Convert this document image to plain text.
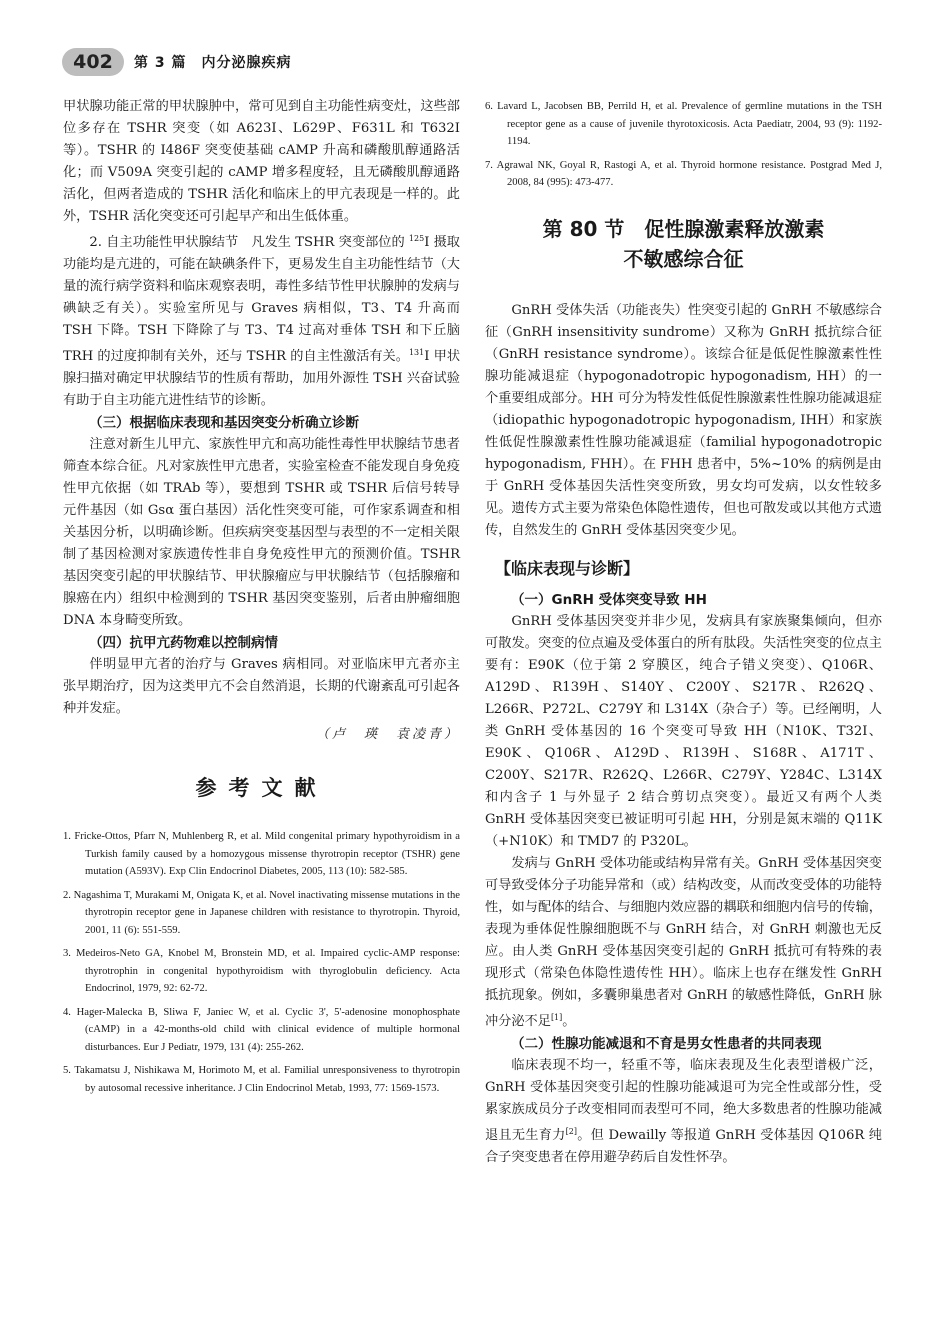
402	第 3 篇　内分泌腺疾病

甲状腺功能正常的甲状腺肿中，常可见到自主功能性病变灶，这些部位多存在 TSHR 突变（如 A623I、L629P、F631L 和 T632I 等）。TSHR 的 I486F 突变使基础 cAMP 升高和磷酸肌醇通路活化；而 V509A 突变引起的 cAMP 增多程度轻，且无磷酸肌醇通路活化，但两者造成的 TSHR 活化和临床上的甲亢表现是一样的。此外，TSHR 活化突变还可引起早产和出生低体重。

2. 自主功能性甲状腺结节　凡发生 TSHR 突变部位的 $^{125}$I 摄取功能均是亢进的，可能在缺碘条件下，更易发生自主功能性结节（大量的流行病学资料和临床观察表明，毒性多结节性甲状腺肿的发病与碘缺乏有关）。实验室所见与 Graves 病相似，T3、T4 升高而 TSH 下降。TSH 下降除了与 T3、T4 过高对垂体 TSH 和下丘脑 TRH 的过度抑制有关外，还与 TSHR 的自主性激活有关。$^{131}$I 甲状腺扫描对确定甲状腺结节的性质有帮助，加用外源性 TSH 兴奋试验有助于自主功能亢进性结节的诊断。

（三）根据临床表现和基因突变分析确立诊断

注意对新生儿甲亢、家族性甲亢和高功能性毒性甲状腺结节患者筛查本综合征。凡对家族性甲亢患者，实验室检查不能发现自身免疫性甲亢依据（如 TRAb 等），要想到 TSHR 或 TSHR 后信号转导元件基因（如 Gsα 蛋白基因）活化性突变可能，可作家系调查和相关基因分析，以明确诊断。但疾病突变基因型与表型的不一定相关限制了基因检测对家族遗传性非自身免疫性甲亢的预测价值。TSHR 基因突变引起的甲状腺结节、甲状腺瘤应与甲状腺结节（包括腺瘤和腺癌在内）组织中检测到的 TSHR 基因突变鉴别，后者由肿瘤细胞 DNA 本身畸变所致。

（四）抗甲亢药物难以控制病情

伴明显甲亢者的治疗与 Graves 病相同。对亚临床甲亢者亦主张早期治疗，因为这类甲亢不会自然消退，长期的代谢紊乱可引起各种并发症。

（卢　瑛　袁凌青）
参考文献
1. Fricke-Ottos, Pfarr N, Muhlenberg R, et al. Mild congenital primary hypothyroidism in a Turkish family caused by a homozygous missense thyrotropin receptor (TSHR) gene mutation (A593V). Exp Clin Endocrinol Diabetes, 2005, 113 (10): 582-585.
2. Nagashima T, Murakami M, Onigata K, et al. Novel inactivating missense mutations in the thyrotropin receptor gene in Japanese children with resistance to thyrotropin. Thyroid, 2001, 11 (6): 551-559.
3. Medeiros-Neto GA, Knobel M, Bronstein MD, et al. Impaired cyclic-AMP response: thyrotrophin in congenital hypothyroidism with thyroglobulin deficiency. Acta Endocrinol, 1979, 92: 62-72.
4. Hager-Malecka B, Sliwa F, Janiec W, et al. Cyclic 3', 5'-adenosine monophosphate (cAMP) in a 42-months-old child with clinical evidence of multiple hormonal disturbances. Eur J Pediatr, 1979, 131 (4): 255-262.
5. Takamatsu J, Nishikawa M, Horimoto M, et al. Familial unresponsiveness to thyrotropin by autosomal recessive inheritance. J Clin Endocrinol Metab, 1993, 77: 1569-1573.
6. Lavard L, Jacobsen BB, Perrild H, et al. Prevalence of germline mutations in the TSH receptor gene as a cause of juvenile thyrotoxicosis. Acta Paediatr, 2004, 93 (9): 1192-1194.
7. Agrawal NK, Goyal R, Rastogi A, et al. Thyroid hormone resistance. Postgrad Med J, 2008, 84 (995): 473-477.
第 80 节　促性腺激素释放激素
不敏感综合征

GnRH 受体失活（功能丧失）性突变引起的 GnRH 不敏感综合征（GnRH insensitivity sundrome）又称为 GnRH 抵抗综合征（GnRH resistance syndrome）。该综合征是低促性腺激素性性腺功能减退症（hypogonadotropic hypogonadism, HH）的一个重要组成部分。HH 可分为特发性低促性腺激素性性腺功能减退症（idiopathic hypogonadotropic hypogonadism, IHH）和家族性低促性腺激素性性腺功能减退症（familial hypogonadotropic hypogonadism, FHH）。在 FHH 患者中，5%~10% 的病例是由于 GnRH 受体基因失活性突变所致，男女均可发病，以女性较多见。遗传方式主要为常染色体隐性遗传，但也可散发或以其他方式遗传，自然发生的 GnRH 受体基因突变少见。

【临床表现与诊断】
（一）GnRH 受体突变导致 HH

GnRH 受体基因突变并非少见，发病具有家族聚集倾向，但亦可散发。突变的位点遍及受体蛋白的所有肽段。失活性突变的位点主要有：E90K（位于第 2 穿膜区，纯合子错义突变）、Q106R、A129D、R139H、S140Y、C200Y、S217R、R262Q、L266R、P272L、C279Y 和 L314X（杂合子）等。已经阐明，人类 GnRH 受体基因的 16 个突变可导致 HH（N10K、T32I、E90K、Q106R、A129D、R139H、S168R、A171T、C200Y、S217R、R262Q、L266R、C279Y、Y284C、L314X 和内含子 1 与外显子 2 结合剪切点突变）。最近又有两个人类 GnRH 受体基因突变已被证明可引起 HH，分别是氮末端的 Q11K（+N10K）和 TMD7 的 P320L。

发病与 GnRH 受体功能或结构异常有关。GnRH 受体基因突变可导致受体分子功能异常和（或）结构改变，从而改变受体的功能特性，如与配体的结合、与细胞内效应器的耦联和细胞内信号的传输，表现为垂体促性腺细胞既不与 GnRH 结合，对 GnRH 刺激也无反应。由人类 GnRH 受体基因突变引起的 GnRH 抵抗可有特殊的表现形式（常染色体隐性遗传性 HH）。临床上也存在继发性 GnRH 抵抗现象。例如，多囊卵巢患者对 GnRH 的敏感性降低，GnRH 脉冲分泌不足[1]。

（二）性腺功能减退和不育是男女性患者的共同表现

临床表现不均一，轻重不等，临床表现及生化表型谱极广泛，GnRH 受体基因突变引起的性腺功能减退可为完全性或部分性，受累家族成员分子改变相同而表型可不同，绝大多数患者的性腺功能减退且无生育力[2]。但 Dewailly 等报道 GnRH 受体基因 Q106R 纯合子突变患者在停用避孕药后自发性怀孕。
